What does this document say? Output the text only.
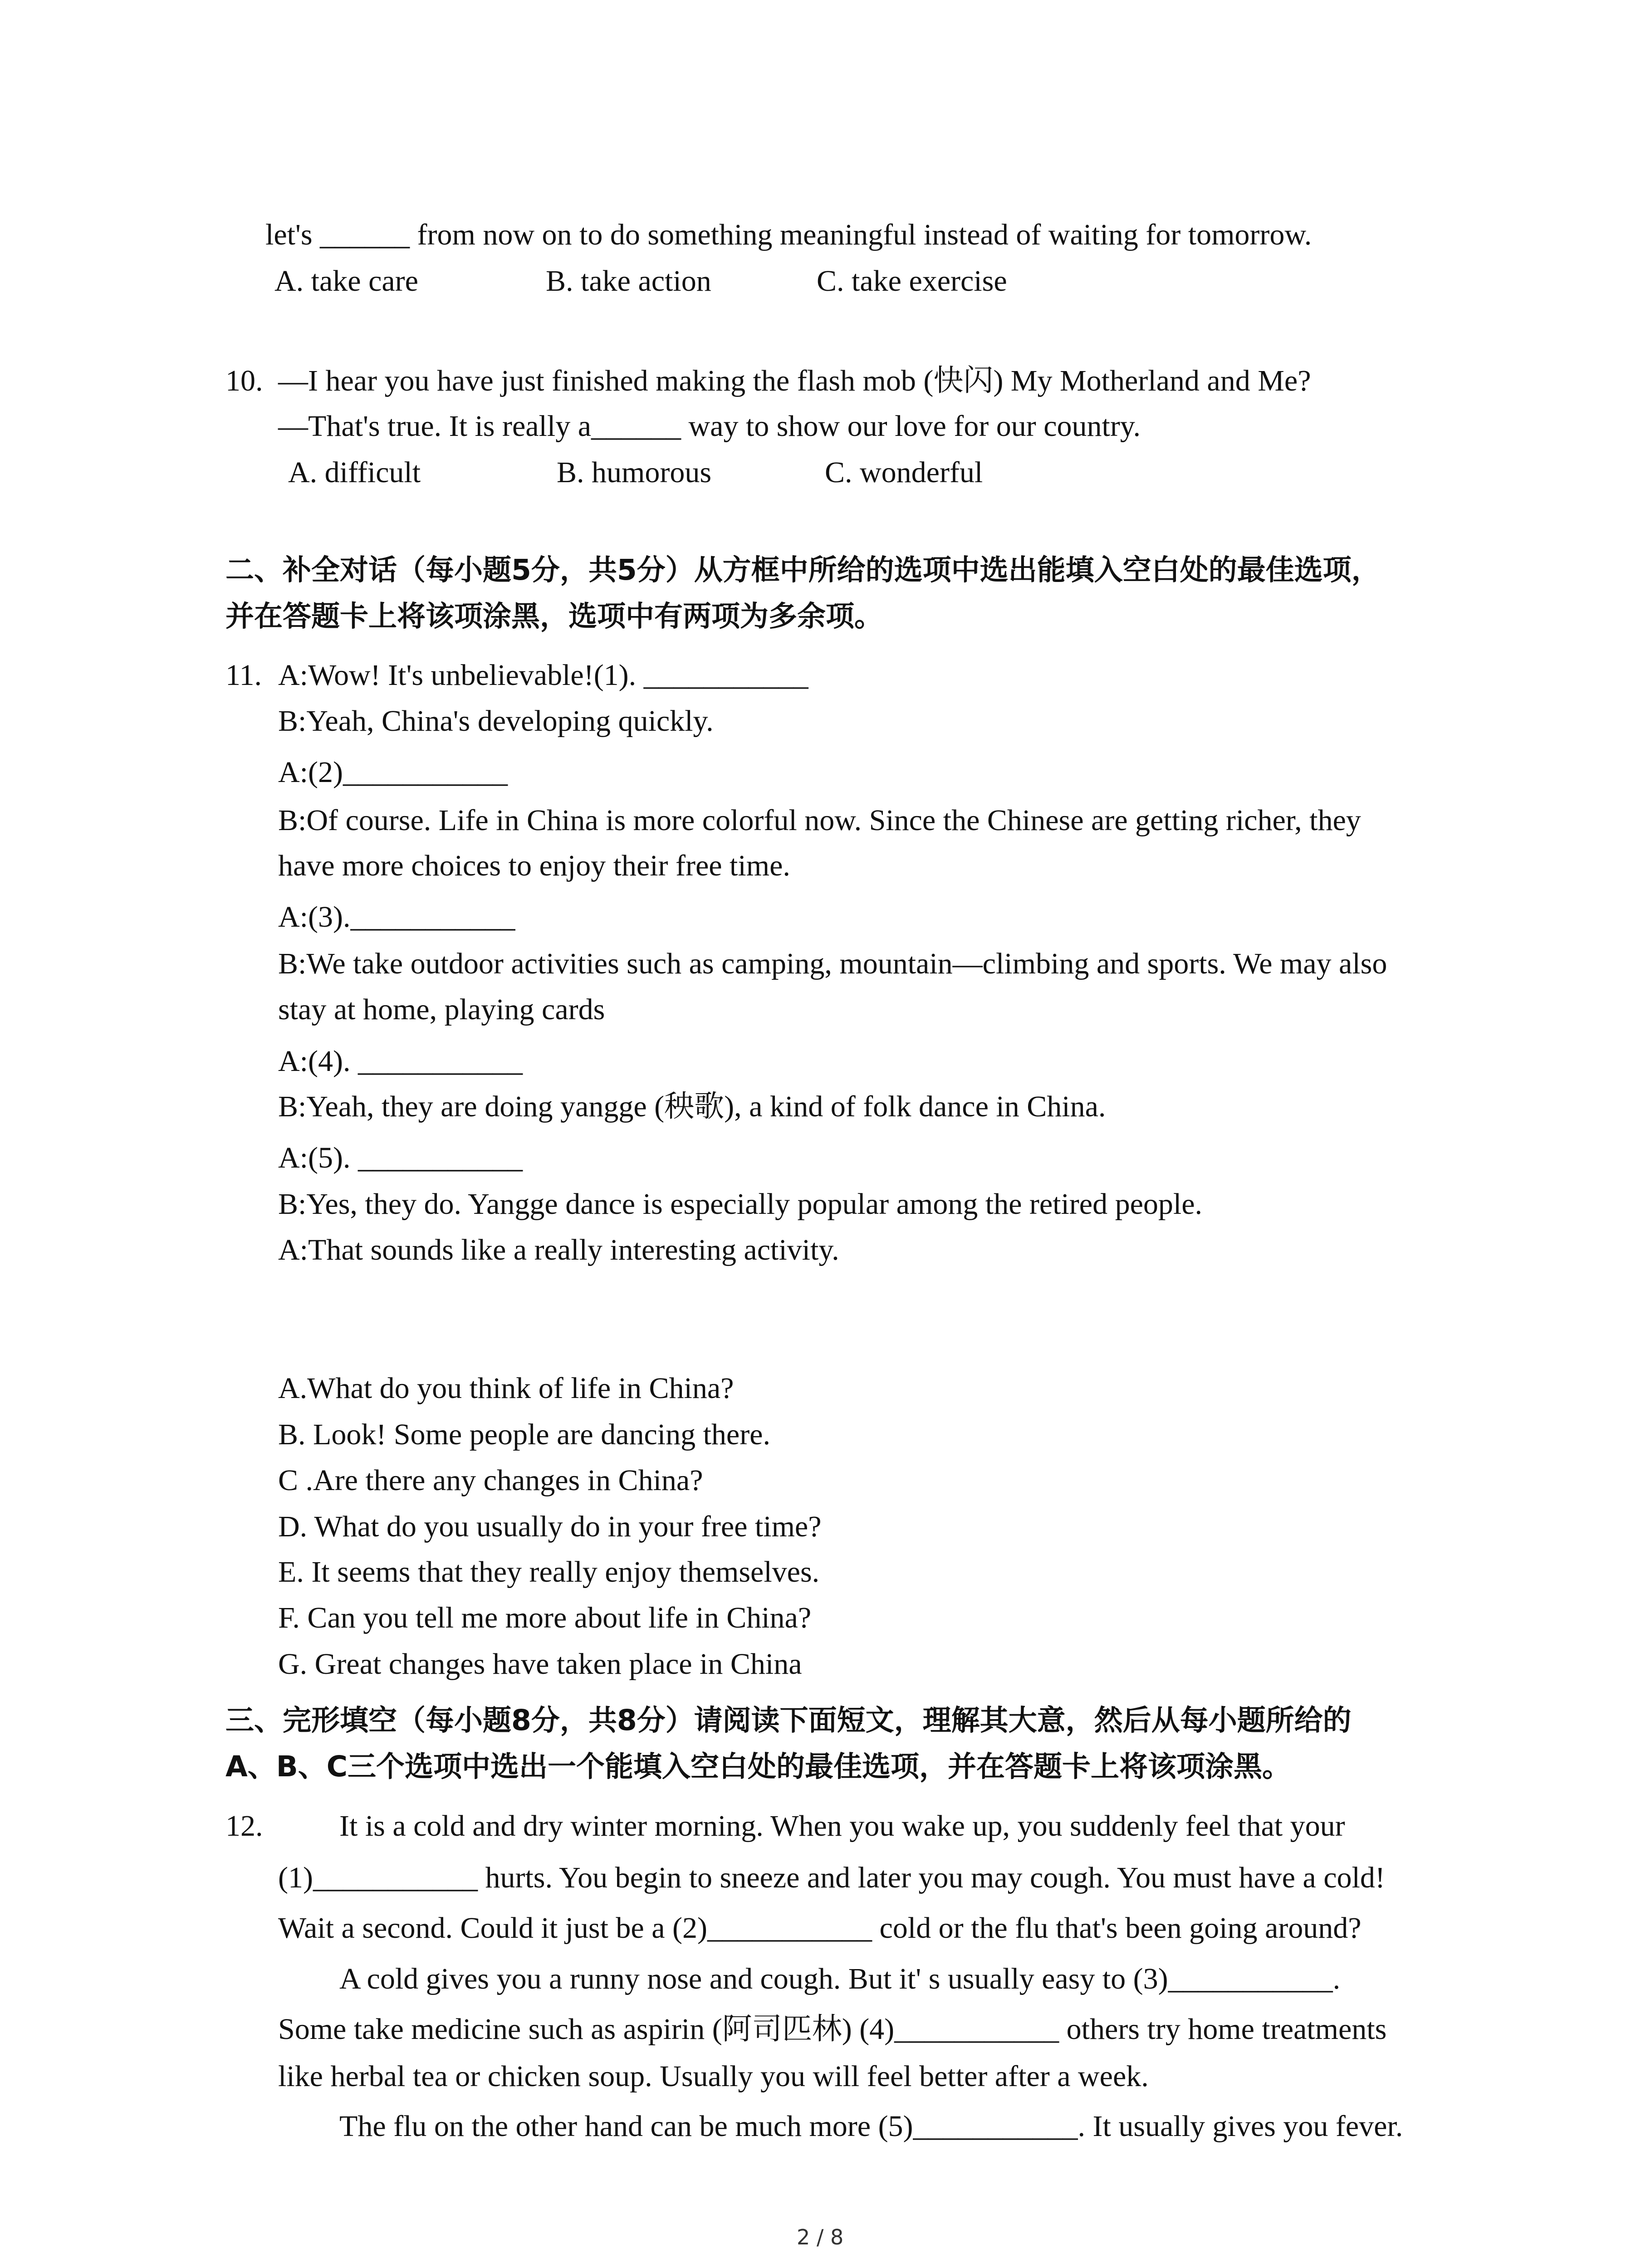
let's ______ from now on to do something meaningful instead of waiting for tomorrow.
A. take care	B. take action	C. take exercise
10. —I hear you have just finished making the flash mob (快闪) My Motherland and Me?
—That's true. It is really a______ way to show our love for our country.
A. difficult	B. humorous	C. wonderful
二、补全对话（每小题5分，共5分）从方框中所给的选项中选出能填入空白处的最佳选项，
并在答题卡上将该项涂黑，选项中有两项为多余项。
11. A:Wow! It's unbelievable!(1). ___________
B:Yeah, China's developing quickly.
A:(2)___________
B:Of course. Life in China is more colorful now. Since the Chinese are getting richer, they
have more choices to enjoy their free time.
A:(3).___________
B:We take outdoor activities such as camping, mountain—climbing and sports. We may also
stay at home, playing cards
A:(4). ___________
B:Yeah, they are doing yangge (秧歌), a kind of folk dance in China.
A:(5). ___________
B:Yes, they do. Yangge dance is especially popular among the retired people.
A:That sounds like a really interesting activity.
A.What do you think of life in China?
B. Look! Some people are dancing there.
C .Are there any changes in China?
D. What do you usually do in your free time?
E. It seems that they really enjoy themselves.
F. Can you tell me more about life in China?
G. Great changes have taken place in China
三、完形填空（每小题8分，共8分）请阅读下面短文，理解其大意，然后从每小题所给的
A、B、C三个选项中选出一个能填入空白处的最佳选项，并在答题卡上将该项涂黑。
12.	It is a cold and dry winter morning. When you wake up, you suddenly feel that your
(1)___________ hurts. You begin to sneeze and later you may cough. You must have a cold!
Wait a second. Could it just be a (2)___________ cold or the flu that's been going around?
A cold gives you a runny nose and cough. But it' s usually easy to (3)___________.
Some take medicine such as aspirin (阿司匹林) (4)___________ others try home treatments
like herbal tea or chicken soup. Usually you will feel better after a week.
The flu on the other hand can be much more (5)___________. It usually gives you fever.
2 / 8
